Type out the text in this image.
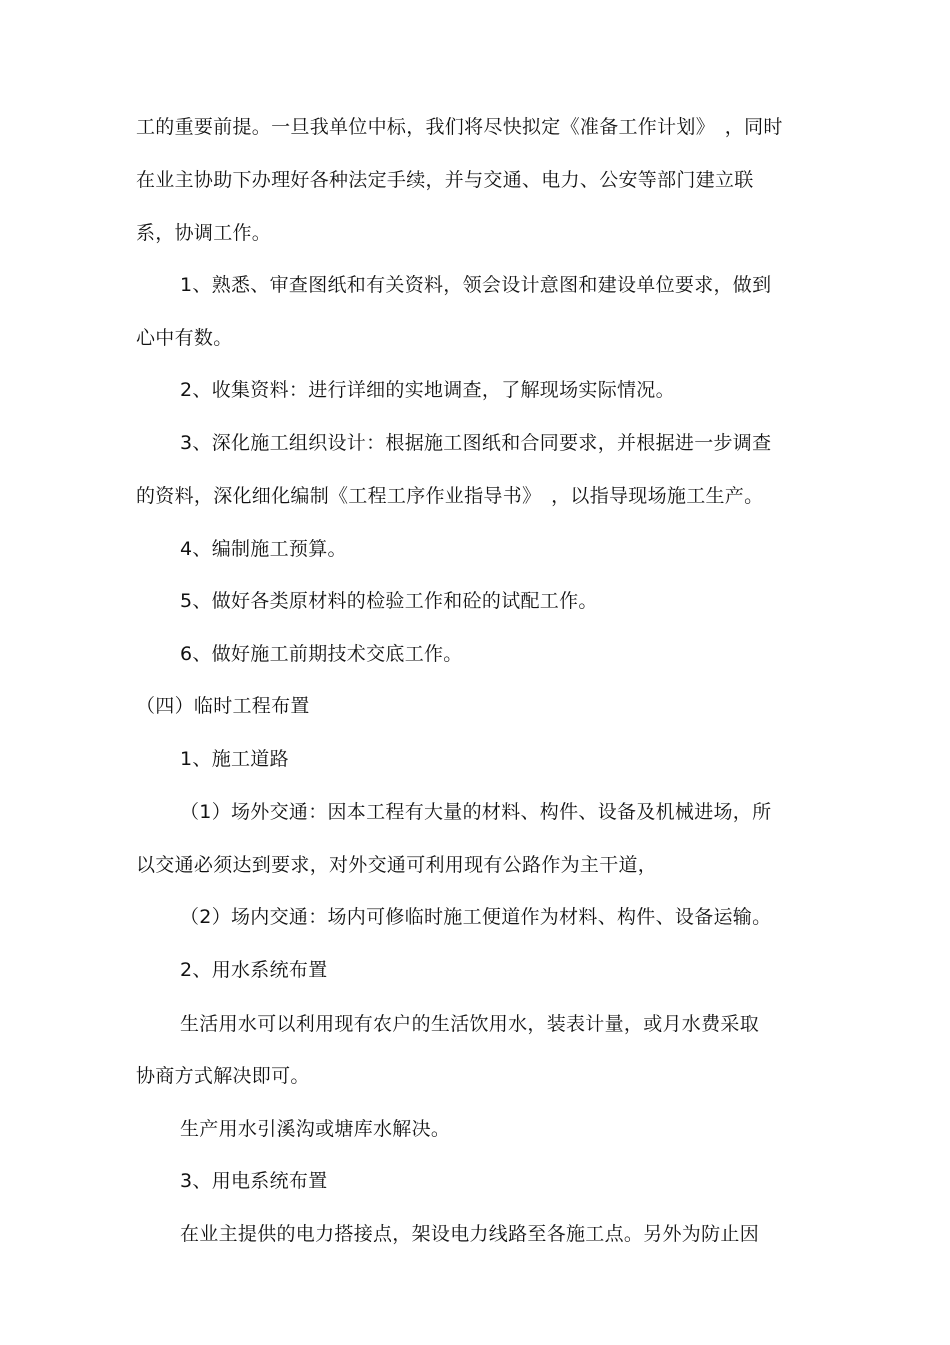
工的重要前提。一旦我单位中标，我们将尽快拟定《准备工作计划》　，同时
在业主协助下办理好各种法定手续，并与交通、电力、公安等部门建立联
系，协调工作。
1、熟悉、审查图纸和有关资料，领会设计意图和建设单位要求，做到
心中有数。
2、收集资料：进行详细的实地调查，了解现场实际情况。
3、深化施工组织设计：根据施工图纸和合同要求，并根据进一步调查
的资料，深化细化编制《工程工序作业指导书》　，以指导现场施工生产。
4、编制施工预算。
5、做好各类原材料的检验工作和砼的试配工作。
6、做好施工前期技术交底工作。
（四）临时工程布置
1、施工道路
（1）场外交通：因本工程有大量的材料、构件、设备及机械进场，所
以交通必须达到要求，对外交通可利用现有公路作为主干道，
（2）场内交通：场内可修临时施工便道作为材料、构件、设备运输。
2、用水系统布置
生活用水可以利用现有农户的生活饮用水，装表计量，或月水费采取
协商方式解决即可。
生产用水引溪沟或塘库水解决。
3、用电系统布置
在业主提供的电力搭接点，架设电力线路至各施工点。另外为防止因
